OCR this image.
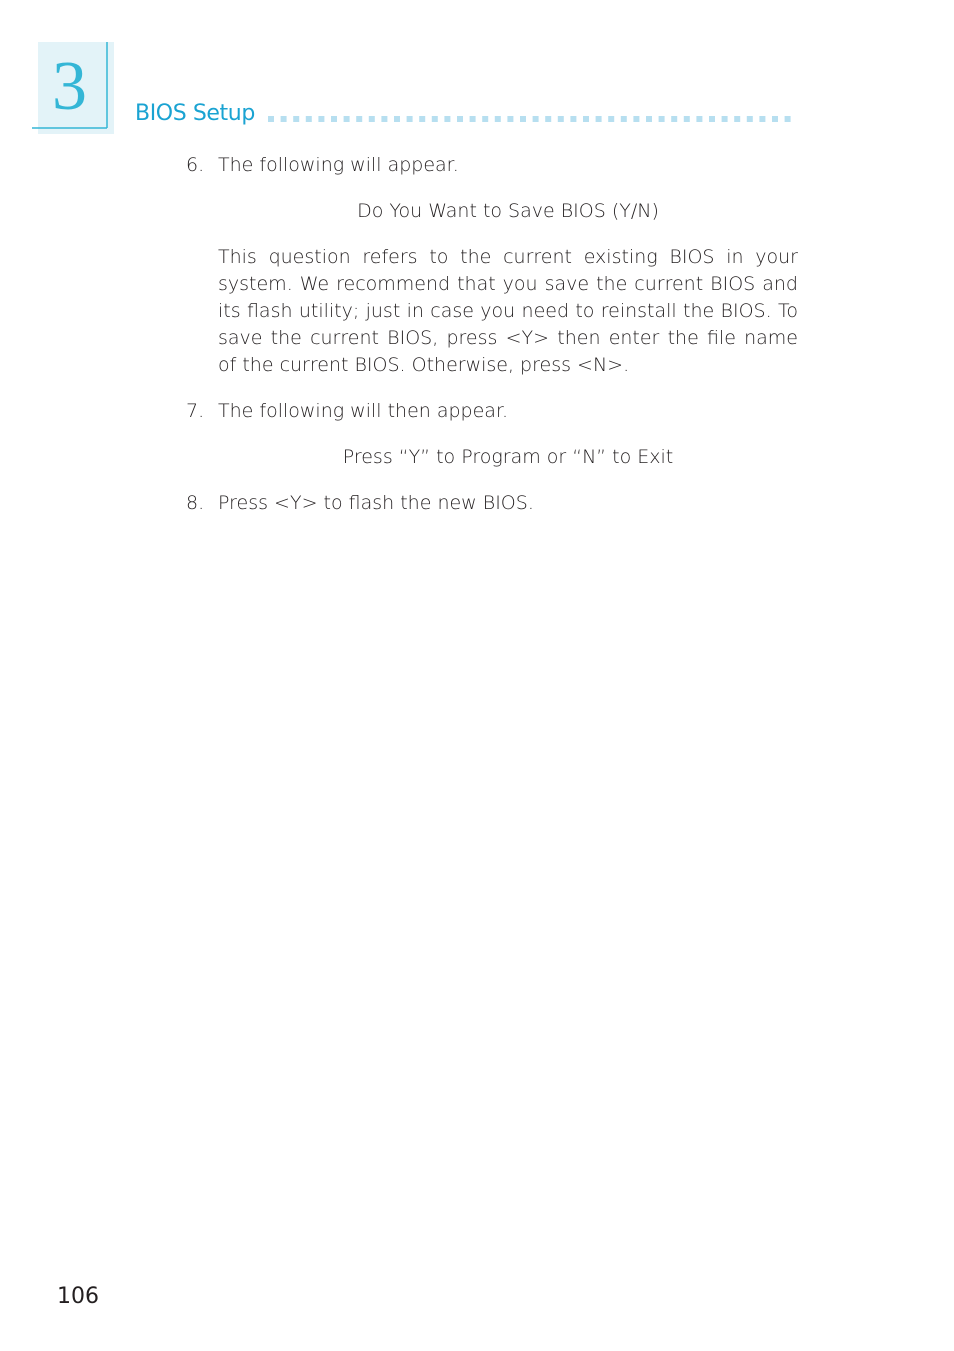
3 BIOS Setup
6. The following will appear.
Do You Want to Save BIOS (Y/N)
This question refers to the current existing BIOS in your system. We recommend that you save the current BIOS and its flash utility; just in case you need to reinstall the BIOS. To save the current BIOS, press <Y> then enter the file name of the current BIOS. Otherwise, press <N>.
7. The following will then appear.
Press “Y” to Program or “N” to Exit
8. Press <Y> to flash the new BIOS.
106
